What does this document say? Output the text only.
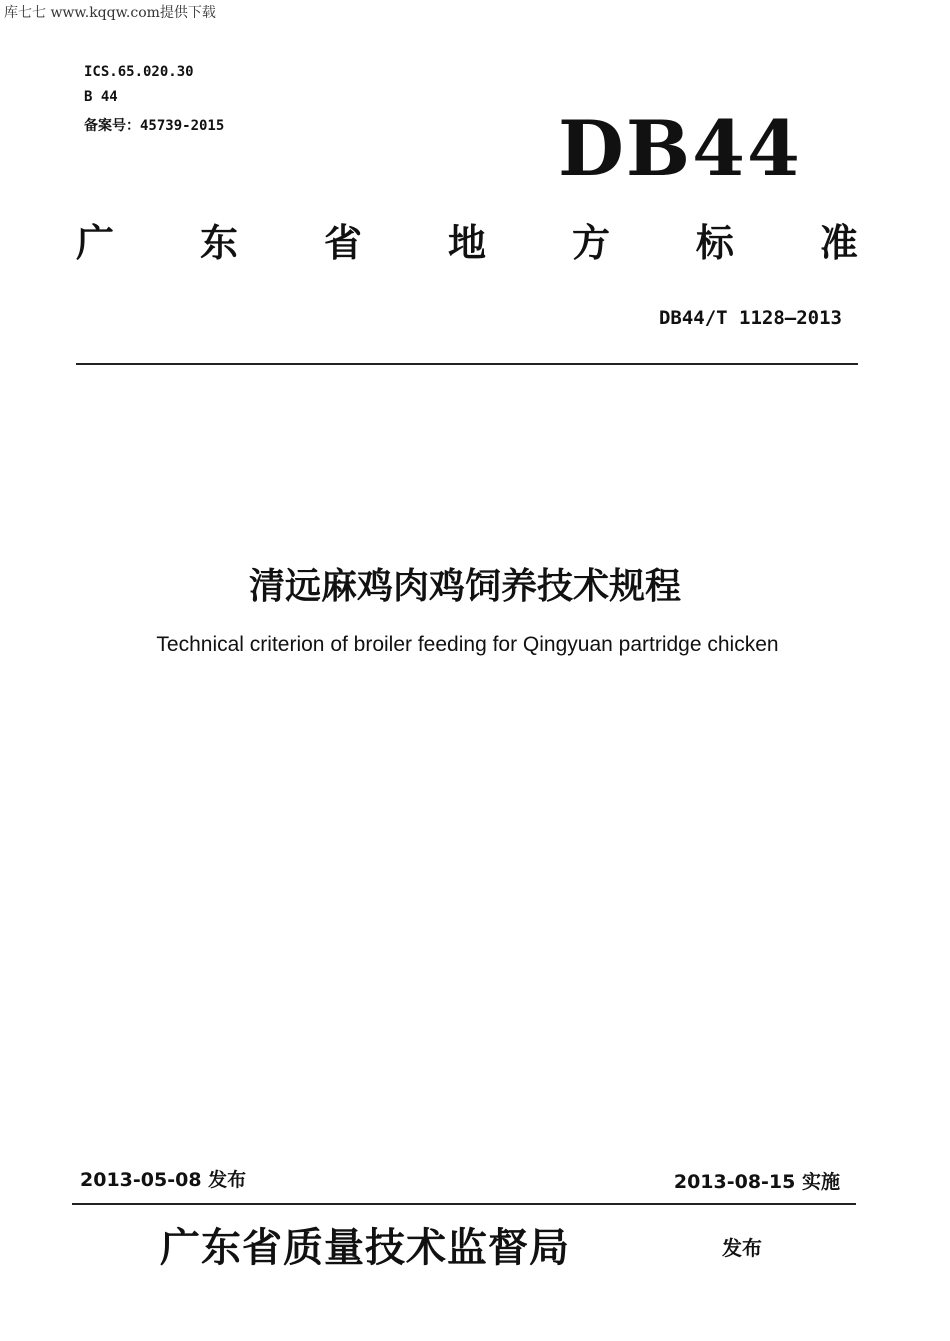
库七七 www.kqqw.com提供下载
ICS.65.020.30
B 44
备案号：45739-2015	DB44
广 东 省 地 方 标 准
DB44/T 1128—2013
清远麻鸡肉鸡饲养技术规程
Technical criterion of broiler feeding for Qingyuan partridge chicken
2013-05-08 发布	2013-08-15 实施
广东省质量技术监督局	发布
